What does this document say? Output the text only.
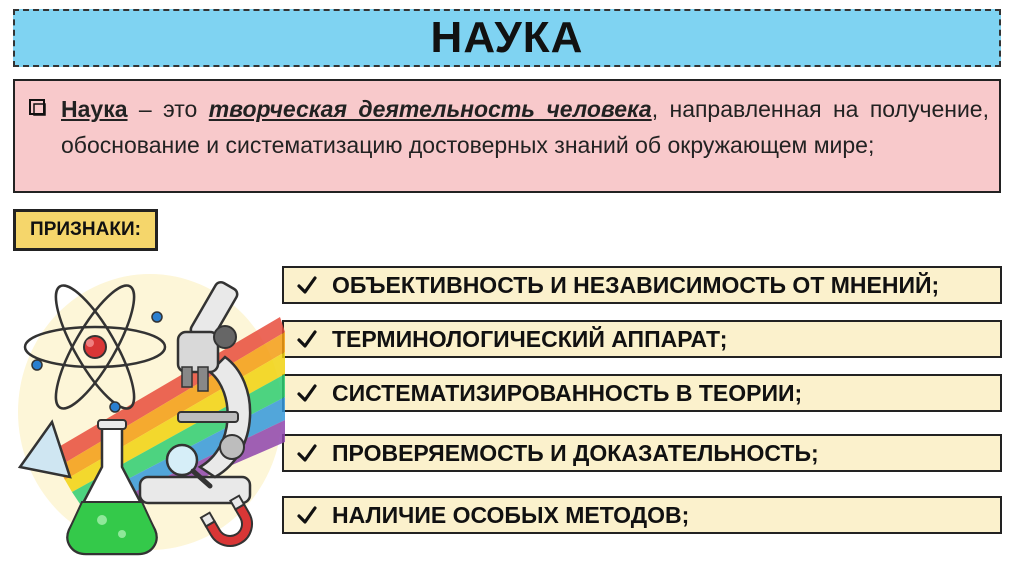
НАУКА
Наука – это творческая деятельность человека, направленная на получение, обоснование и систематизацию достоверных знаний об окружающем мире;
ПРИЗНАКИ:
ОБЪЕКТИВНОСТЬ И НЕЗАВИСИМОСТЬ ОТ МНЕНИЙ;
ТЕРМИНОЛОГИЧЕСКИЙ АППАРАТ;
СИСТЕМАТИЗИРОВАННОСТЬ В ТЕОРИИ;
ПРОВЕРЯЕМОСТЬ И ДОКАЗАТЕЛЬНОСТЬ;
НАЛИЧИЕ ОСОБЫХ МЕТОДОВ;
